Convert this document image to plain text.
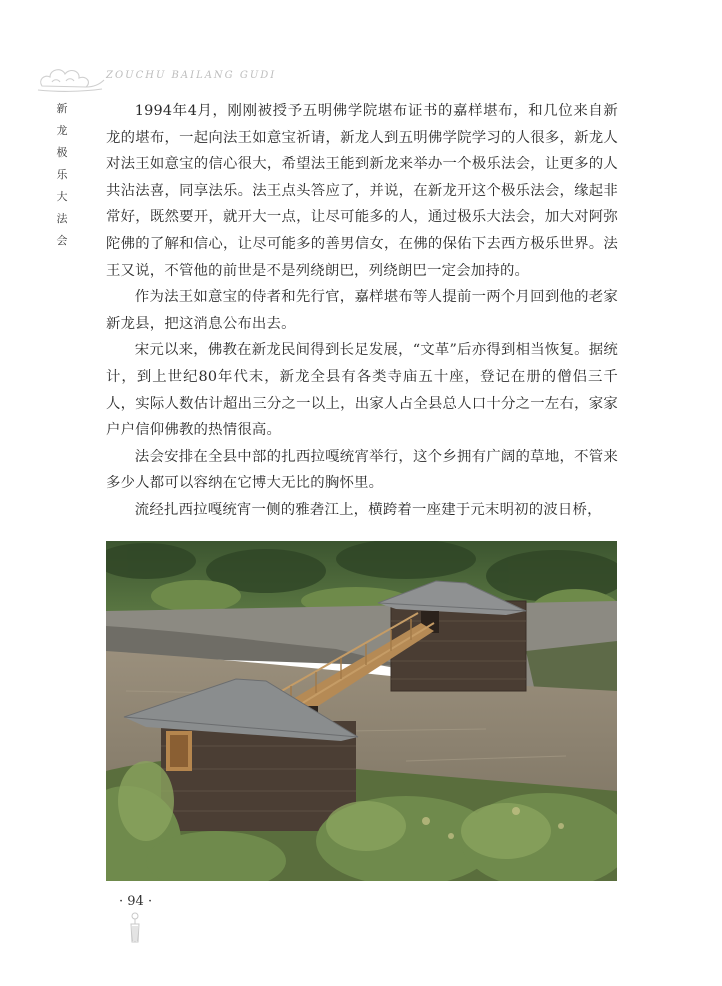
ZOUCHU BAILANG GUDI
新
龙
极
乐
大
法
会

1994年4月，刚刚被授予五明佛学院堪布证书的嘉样堪布，和几位来自新龙的堪布，一起向法王如意宝祈请，新龙人到五明佛学院学习的人很多，新龙人对法王如意宝的信心很大，希望法王能到新龙来举办一个极乐法会，让更多的人共沾法喜，同享法乐。法王点头答应了，并说，在新龙开这个极乐法会，缘起非常好，既然要开，就开大一点，让尽可能多的人，通过极乐大法会，加大对阿弥陀佛的了解和信心，让尽可能多的善男信女，在佛的保佑下去西方极乐世界。法王又说，不管他的前世是不是列绕朗巴，列绕朗巴一定会加持的。

作为法王如意宝的侍者和先行官，嘉样堪布等人提前一两个月回到他的老家新龙县，把这消息公布出去。

宋元以来，佛教在新龙民间得到长足发展，“文革”后亦得到相当恢复。据统计，到上世纪80年代末，新龙全县有各类寺庙五十座，登记在册的僧侣三千人，实际人数估计超出三分之一以上，出家人占全县总人口十分之一左右，家家户户信仰佛教的热情很高。

法会安排在全县中部的扎西拉嘎统宵举行，这个乡拥有广阔的草地，不管来多少人都可以容纳在它博大无比的胸怀里。

流经扎西拉嘎统宵一侧的雅砻江上，横跨着一座建于元末明初的波日桥，

· 94 ·
